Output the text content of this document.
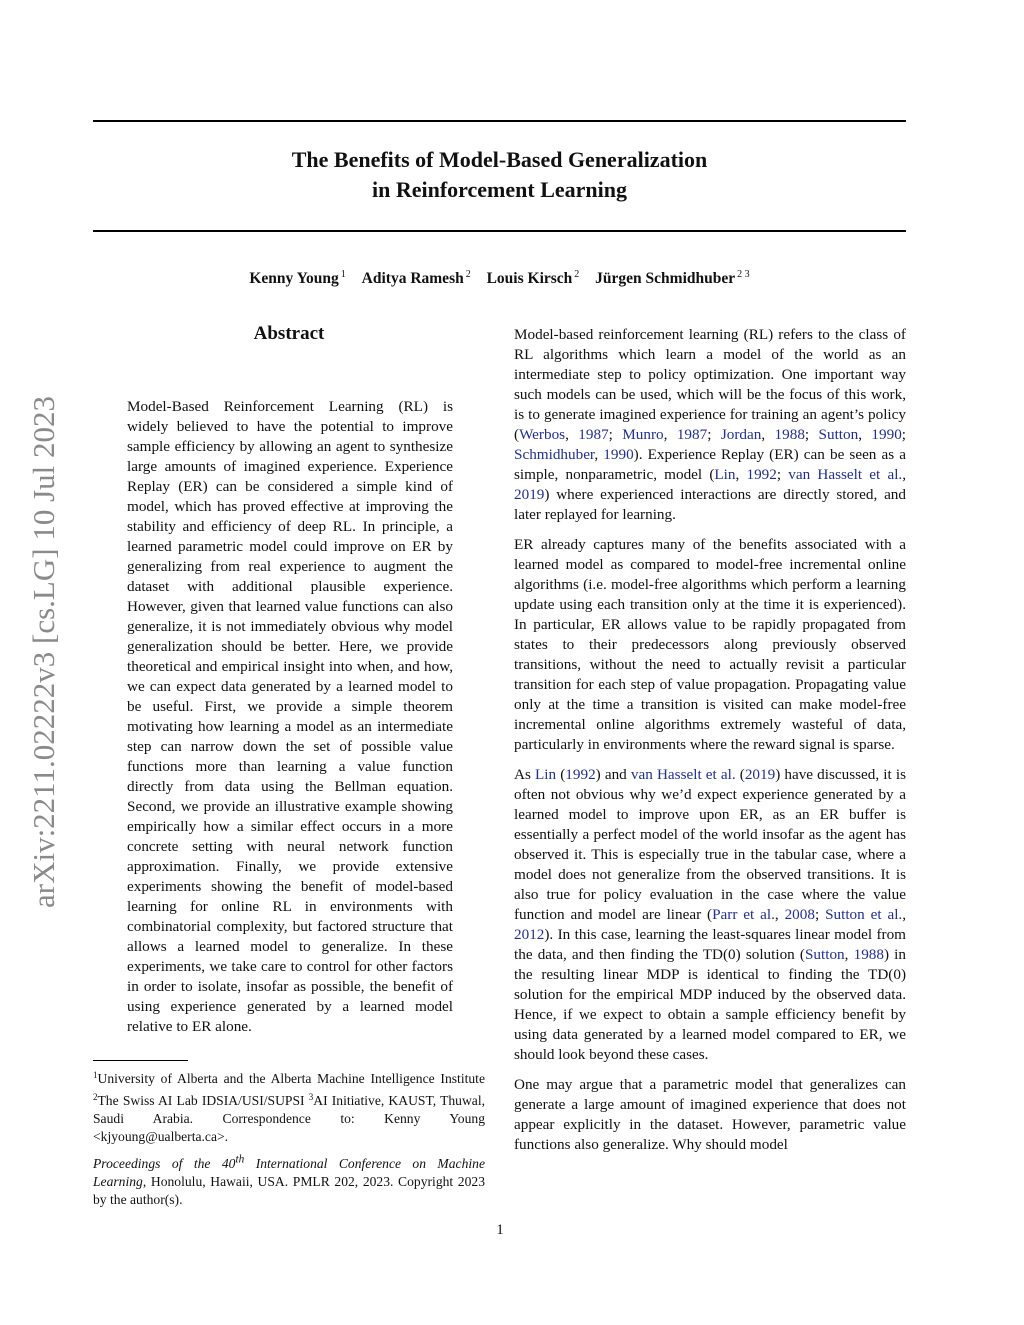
The Benefits of Model-Based Generalization
in Reinforcement Learning
Kenny Young $^1$ Aditya Ramesh $^2$ Louis Kirsch $^2$ Jürgen Schmidhuber $^{2 3}$
arXiv:2211.02222v3 [cs.LG] 10 Jul 2023
Abstract
Model-Based Reinforcement Learning (RL) is widely believed to have the potential to improve sample efficiency by allowing an agent to synthesize large amounts of imagined experience. Experience Replay (ER) can be considered a simple kind of model, which has proved effective at improving the stability and efficiency of deep RL. In principle, a learned parametric model could improve on ER by generalizing from real experience to augment the dataset with additional plausible experience. However, given that learned value functions can also generalize, it is not immediately obvious why model generalization should be better. Here, we provide theoretical and empirical insight into when, and how, we can expect data generated by a learned model to be useful. First, we provide a simple theorem motivating how learning a model as an intermediate step can narrow down the set of possible value functions more than learning a value function directly from data using the Bellman equation. Second, we provide an illustrative example showing empirically how a similar effect occurs in a more concrete setting with neural network function approximation. Finally, we provide extensive experiments showing the benefit of model-based learning for online RL in environments with combinatorial complexity, but factored structure that allows a learned model to generalize. In these experiments, we take care to control for other factors in order to isolate, insofar as possible, the benefit of using experience generated by a learned model relative to ER alone.
$^1$University of Alberta and the Alberta Machine Intelligence Institute $^2$The Swiss AI Lab IDSIA/USI/SUPSI $^3$AI Initiative, KAUST, Thuwal, Saudi Arabia. Correspondence to: Kenny Young <kjyoung@ualberta.ca>.
Proceedings of the 40th International Conference on Machine Learning, Honolulu, Hawaii, USA. PMLR 202, 2023. Copyright 2023 by the author(s).

Model-based reinforcement learning (RL) refers to the class of RL algorithms which learn a model of the world as an intermediate step to policy optimization. One important way such models can be used, which will be the focus of this work, is to generate imagined experience for training an agent’s policy (Werbos, 1987; Munro, 1987; Jordan, 1988; Sutton, 1990; Schmidhuber, 1990). Experience Replay (ER) can be seen as a simple, nonparametric, model (Lin, 1992; van Hasselt et al., 2019) where experienced interactions are directly stored, and later replayed for learning.

ER already captures many of the benefits associated with a learned model as compared to model-free incremental online algorithms (i.e. model-free algorithms which perform a learning update using each transition only at the time it is experienced). In particular, ER allows value to be rapidly propagated from states to their predecessors along previously observed transitions, without the need to actually revisit a particular transition for each step of value propagation. Propagating value only at the time a transition is visited can make model-free incremental online algorithms extremely wasteful of data, particularly in environments where the reward signal is sparse.

As Lin (1992) and van Hasselt et al. (2019) have discussed, it is often not obvious why we’d expect experience generated by a learned model to improve upon ER, as an ER buffer is essentially a perfect model of the world insofar as the agent has observed it. This is especially true in the tabular case, where a model does not generalize from the observed transitions. It is also true for policy evaluation in the case where the value function and model are linear (Parr et al., 2008; Sutton et al., 2012). In this case, learning the least-squares linear model from the data, and then finding the TD(0) solution (Sutton, 1988) in the resulting linear MDP is identical to finding the TD(0) solution for the empirical MDP induced by the observed data. Hence, if we expect to obtain a sample efficiency benefit by using data generated by a learned model compared to ER, we should look beyond these cases.

One may argue that a parametric model that generalizes can generate a large amount of imagined experience that does not appear explicitly in the dataset. However, parametric value functions also generalize. Why should model

1
